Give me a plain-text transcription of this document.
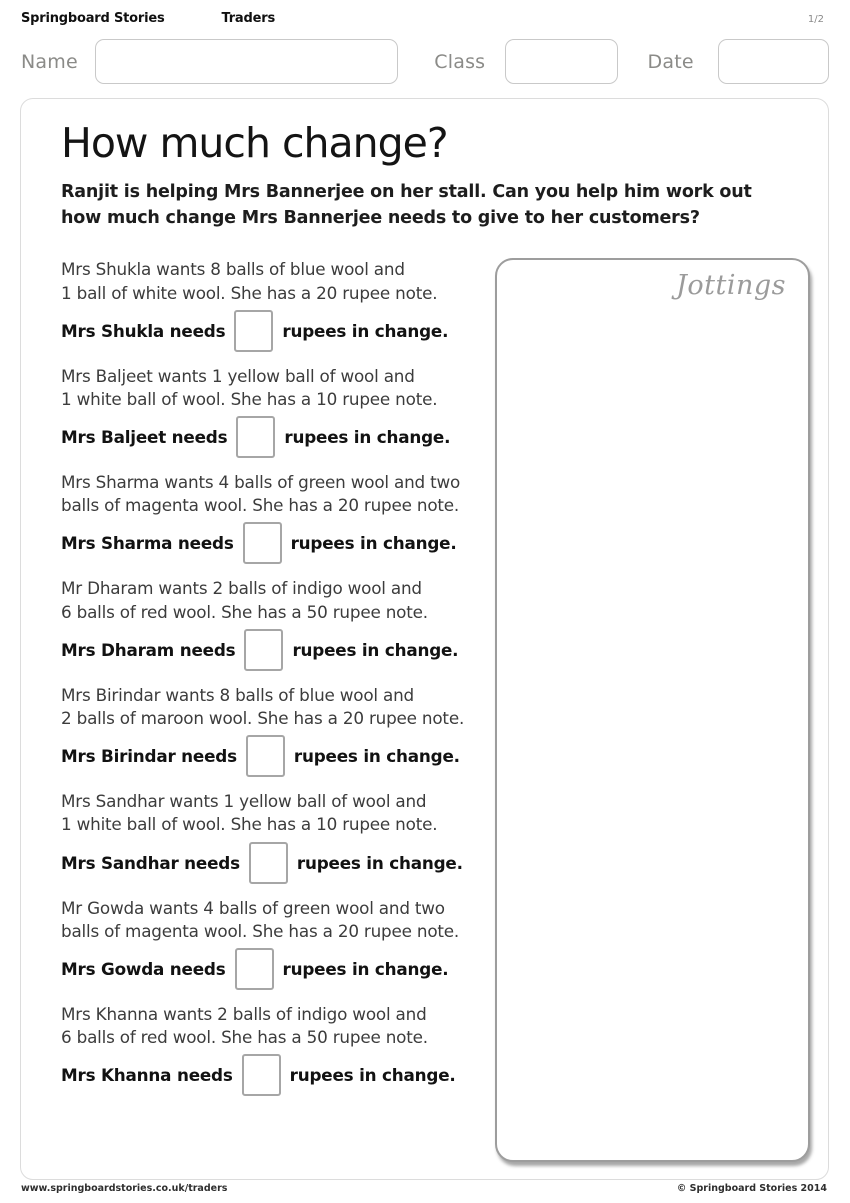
Springboard Stories	Traders	1/2
Name	Class	Date
How much change?
Ranjit is helping Mrs Bannerjee on her stall. Can you help him work out how much change Mrs Bannerjee needs to give to her customers?
Mrs Shukla wants 8 balls of blue wool and
1 ball of white wool. She has a 20 rupee note.
Mrs Shukla needs	rupees in change.
Mrs Baljeet wants 1 yellow ball of wool and
1 white ball of wool. She has a 10 rupee note.
Mrs Baljeet needs	rupees in change.
Mrs Sharma wants 4 balls of green wool and two
balls of magenta wool. She has a 20 rupee note.
Mrs Sharma needs	rupees in change.
Mr Dharam wants 2 balls of indigo wool and
6 balls of red wool. She has a 50 rupee note.
Mrs Dharam needs	rupees in change.
Mrs Birindar wants 8 balls of blue wool and
2 balls of maroon wool. She has a 20 rupee note.
Mrs Birindar needs	rupees in change.
Mrs Sandhar wants 1 yellow ball of wool and
1 white ball of wool. She has a 10 rupee note.
Mrs Sandhar needs	rupees in change.
Mr Gowda wants 4 balls of green wool and two
balls of magenta wool. She has a 20 rupee note.
Mrs Gowda needs	rupees in change.
Mrs Khanna wants 2 balls of indigo wool and
6 balls of red wool. She has a 50 rupee note.
Mrs Khanna needs	rupees in change.
Jottings
www.springboardstories.co.uk/traders	© Springboard Stories 2014
